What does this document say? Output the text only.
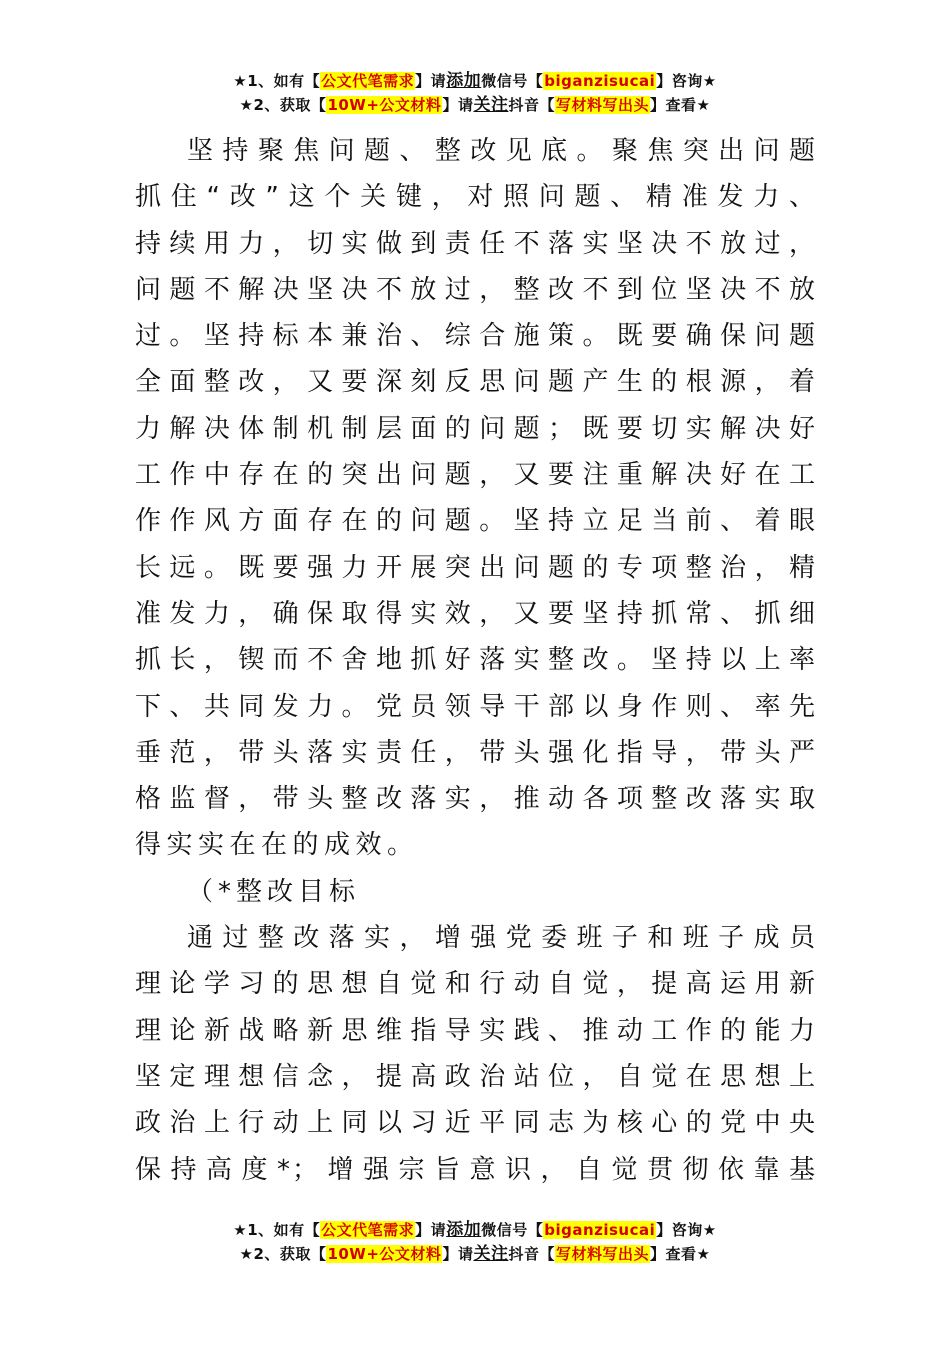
★1、如有【公文代笔需求】请添加微信号【biganzisucai】咨询★
★2、获取【10W+公文材料】请关注抖音【写材料写出头】查看★
坚持聚焦问题、整改见底。聚焦突出问题
抓住“改”这个关键，对照问题、精准发力、
持续用力，切实做到责任不落实坚决不放过，
问题不解决坚决不放过，整改不到位坚决不放
过。坚持标本兼治、综合施策。既要确保问题
全面整改，又要深刻反思问题产生的根源，着
力解决体制机制层面的问题；既要切实解决好
工作中存在的突出问题，又要注重解决好在工
作作风方面存在的问题。坚持立足当前、着眼
长远。既要强力开展突出问题的专项整治，精
准发力，确保取得实效，又要坚持抓常、抓细
抓长，锲而不舍地抓好落实整改。坚持以上率
下、共同发力。党员领导干部以身作则、率先
垂范，带头落实责任，带头强化指导，带头严
格监督，带头整改落实，推动各项整改落实取
得实实在在的成效。
（*整改目标
通过整改落实，增强党委班子和班子成员
理论学习的思想自觉和行动自觉，提高运用新
理论新战略新思维指导实践、推动工作的能力
坚定理想信念，提高政治站位，自觉在思想上
政治上行动上同以习近平同志为核心的党中央
保持高度*；增强宗旨意识，自觉贯彻依靠基
★1、如有【公文代笔需求】请添加微信号【biganzisucai】咨询★
★2、获取【10W+公文材料】请关注抖音【写材料写出头】查看★
